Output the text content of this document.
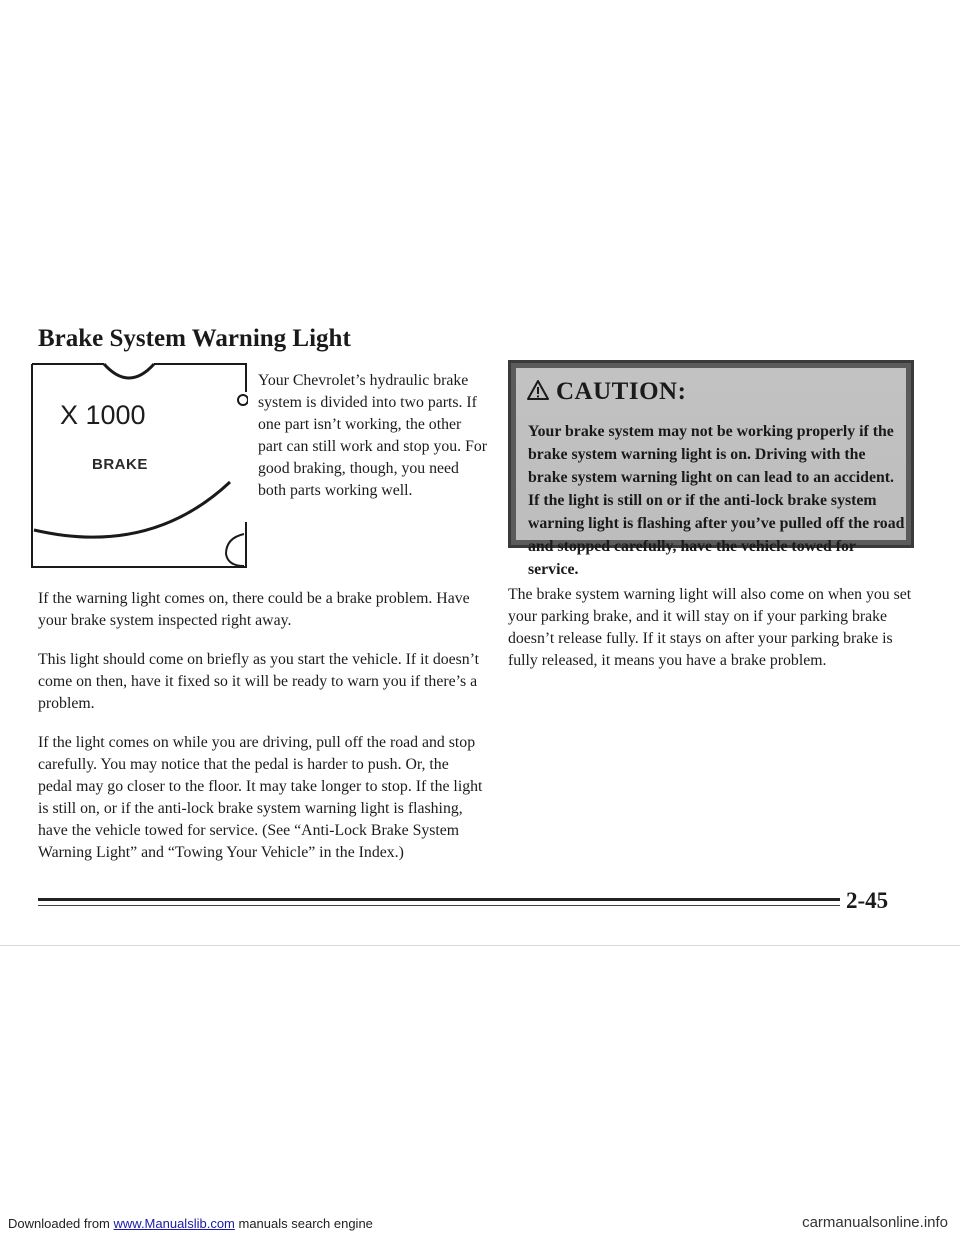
Brake System Warning Light
X 1000
BRAKE
Your Chevrolet’s hydraulic brake system is divided into two parts. If one part isn’t working, the other part can still work and stop you. For good braking, though, you need both parts working well.
If the warning light comes on, there could be a brake problem. Have your brake system inspected right away.
This light should come on briefly as you start the vehicle. If it doesn’t come on then, have it fixed so it will be ready to warn you if there’s a problem.
If the light comes on while you are driving, pull off the road and stop carefully. You may notice that the pedal is harder to push. Or, the pedal may go closer to the floor. It may take longer to stop. If the light is still on, or if the anti-lock brake system warning light is flashing, have the vehicle towed for service. (See “Anti-Lock Brake System Warning Light” and “Towing Your Vehicle” in the Index.)
CAUTION:
Your brake system may not be working properly if the brake system warning light is on. Driving with the brake system warning light on can lead to an accident. If the light is still on or if the anti-lock brake system warning light is flashing after you’ve pulled off the road and stopped carefully, have the vehicle towed for service.
The brake system warning light will also come on when you set your parking brake, and it will stay on if your parking brake doesn’t release fully. If it stays on after your parking brake is fully released, it means you have a brake problem.
2-45
Downloaded from www.Manualslib.com manuals search engine	carmanualsonline.info
